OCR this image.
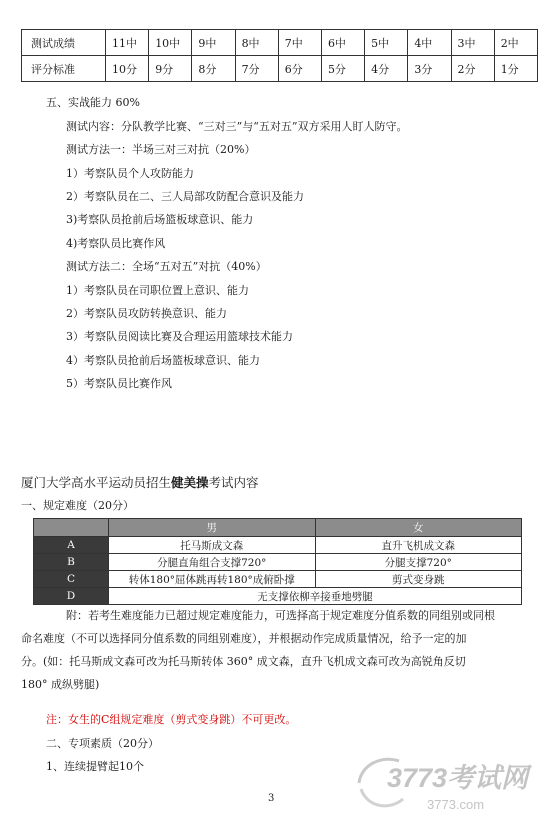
测试成绩	11中	10中	9中	8中	7中	6中	5中	4中	3中	2中
评分标准	10分	9分	8分	7分	6分	5分	4分	3分	2分	1分
五、实战能力 60%
测试内容：分队教学比赛、“三对三”与“五对五”双方采用人盯人防守。
测试方法一：半场三对三对抗（20%）
1）考察队员个人攻防能力
2）考察队员在二、三人局部攻防配合意识及能力
3)考察队员抢前后场篮板球意识、能力
4)考察队员比赛作风
测试方法二：全场“五对五”对抗（40%）
1）考察队员在司职位置上意识、能力
2）考察队员攻防转换意识、能力
3）考察队员阅读比赛及合理运用篮球技术能力
4）考察队员抢前后场篮板球意识、能力
5）考察队员比赛作风
厦门大学高水平运动员招生健美操考试内容
一、规定难度（20分）
	男	女
A	托马斯成文森	直升飞机成文森
B	分腿直角组合支撑720°	分腿支撑720°
C	转体180°屈体跳再转180°成俯卧撑	剪式变身跳
D	无支撑依柳辛接垂地劈腿	
附：若考生难度能力已超过规定难度能力，可选择高于规定难度分值系数的同组别或同根
命名难度（不可以选择同分值系数的同组别难度），并根据动作完成质量情况，给予一定的加
分。(如：托马斯成文森可改为托马斯转体 360° 成文森，直升飞机成文森可改为高锐角反切
180° 成纵劈腿)
注：女生的C组规定难度（剪式变身跳）不可更改。
二、专项素质（20分）
1、连续提臂起10个
3
3773考试网
3773.com
